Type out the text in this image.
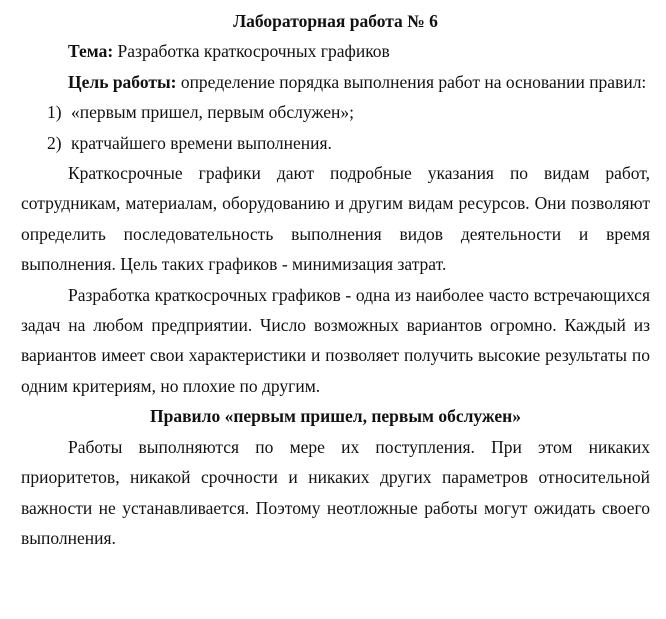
Лабораторная работа № 6

Тема: Разработка краткосрочных графиков

Цель работы: определение порядка выполнения работ на основании правил:

1) «первым пришел, первым обслужен»;

2) кратчайшего времени выполнения.

Краткосрочные графики дают подробные указания по видам работ, сотрудникам, материалам, оборудованию и другим видам ресурсов. Они позволяют определить последовательность выполнения видов деятельности и время выполнения. Цель таких графиков - минимизация затрат.

Разработка краткосрочных графиков - одна из наиболее часто встречающихся задач на любом предприятии. Число возможных вариантов огромно. Каждый из вариантов имеет свои характеристики и позволяет получить высокие результаты по одним критериям, но плохие по другим.

Правило «первым пришел, первым обслужен»

Работы выполняются по мере их поступления. При этом никаких приоритетов, никакой срочности и никаких других параметров относительной важности не устанавливается. Поэтому неотложные работы могут ожидать своего выполнения.
